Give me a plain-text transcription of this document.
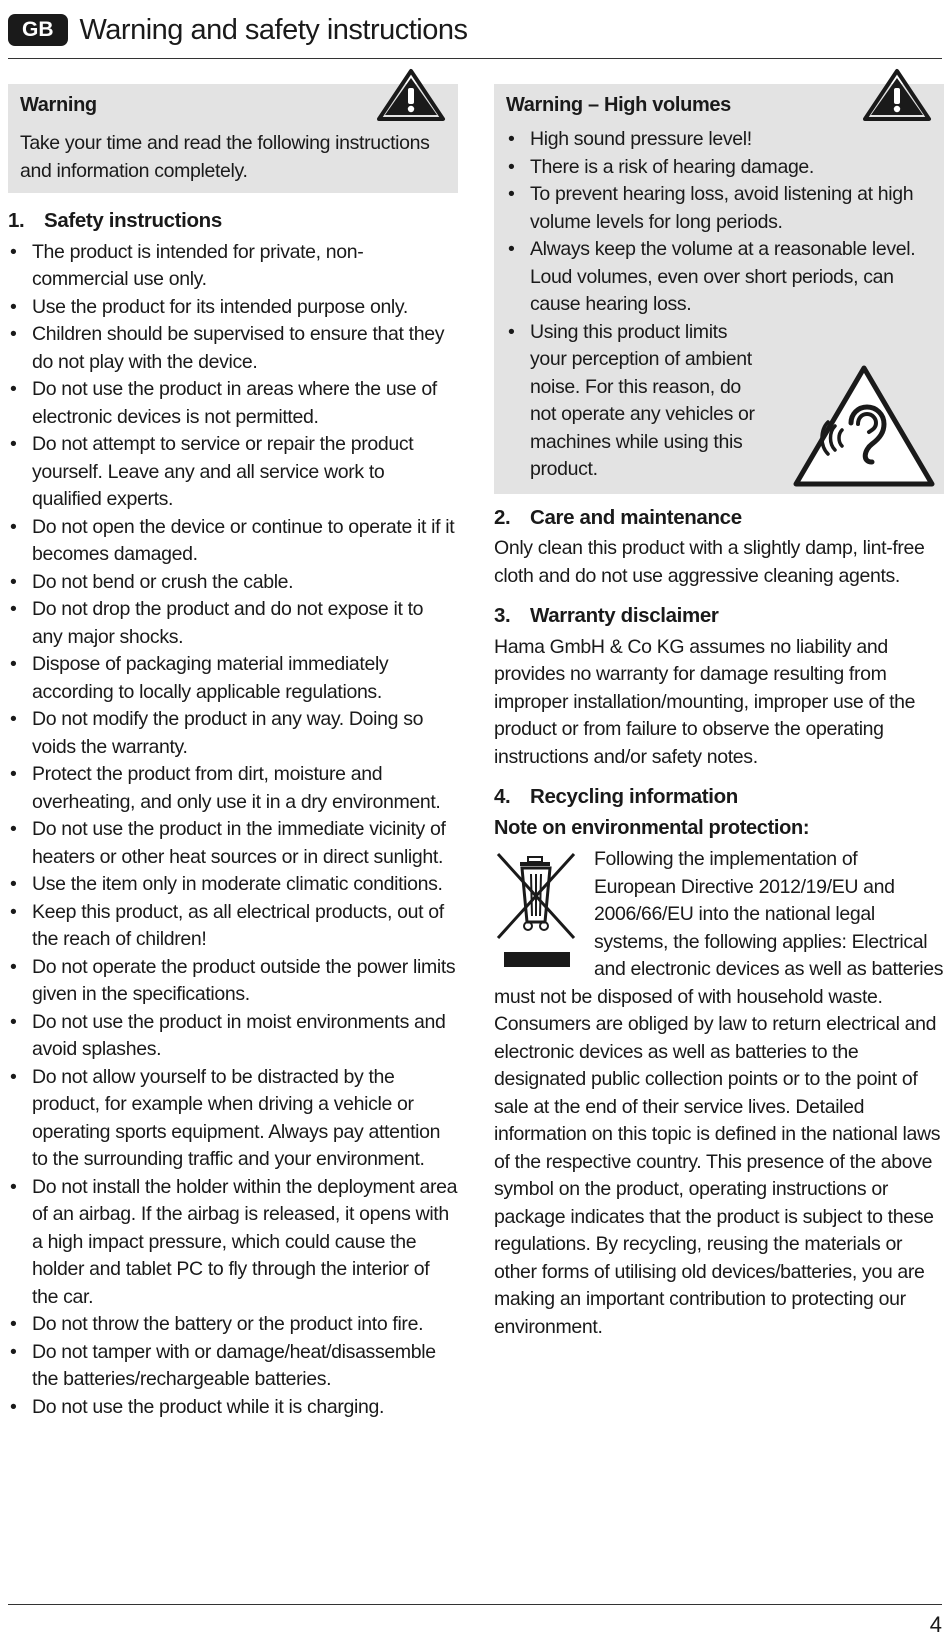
GB Warning and safety instructions
Warning

Take your time and read the following instructions and information completely.

1. Safety instructions
• The product is intended for private, non-commercial use only.
• Use the product for its intended purpose only.
• Children should be supervised to ensure that they do not play with the device.
• Do not use the product in areas where the use of electronic devices is not permitted.
• Do not attempt to service or repair the product yourself. Leave any and all service work to qualified experts.
• Do not open the device or continue to operate it if it becomes damaged.
• Do not bend or crush the cable.
• Do not drop the product and do not expose it to any major shocks.
• Dispose of packaging material immediately according to locally applicable regulations.
• Do not modify the product in any way. Doing so voids the warranty.
• Protect the product from dirt, moisture and overheating, and only use it in a dry environment.
• Do not use the product in the immediate vicinity of heaters or other heat sources or in direct sunlight.
• Use the item only in moderate climatic conditions.
• Keep this product, as all electrical products, out of the reach of children!
• Do not operate the product outside the power limits given in the specifications.
• Do not use the product in moist environments and avoid splashes.
• Do not allow yourself to be distracted by the product, for example when driving a vehicle or operating sports equipment. Always pay attention to the surrounding traffic and your environment.
• Do not install the holder within the deployment area of an airbag. If the airbag is released, it opens with a high impact pressure, which could cause the holder and tablet PC to fly through the interior of the car.
• Do not throw the battery or the product into fire.
• Do not tamper with or damage/heat/disassemble the batteries/rechargeable batteries.
• Do not use the product while it is charging.
Warning – High volumes
• High sound pressure level!
• There is a risk of hearing damage.
• To prevent hearing loss, avoid listening at high volume levels for long periods.
• Always keep the volume at a reasonable level. Loud volumes, even over short periods, can cause hearing loss.
• Using this product limits your perception of ambient noise. For this reason, do not operate any vehicles or machines while using this product.
2. Care and maintenance

Only clean this product with a slightly damp, lint-free cloth and do not use aggressive cleaning agents.

3. Warranty disclaimer

Hama GmbH & Co KG assumes no liability and provides no warranty for damage resulting from improper installation/mounting, improper use of the product or from failure to observe the operating instructions and/or safety notes.

4. Recycling information
Note on environmental protection:

Following the implementation of European Directive 2012/19/EU and 2006/66/EU into the national legal systems, the following applies: Electrical and electronic devices as well as batteries must not be disposed of with household waste. Consumers are obliged by law to return electrical and electronic devices as well as batteries to the designated public collection points or to the point of sale at the end of their service lives. Detailed information on this topic is defined in the national laws of the respective country. This presence of the above symbol on the product, operating instructions or package indicates that the product is subject to these regulations. By recycling, reusing the materials or other forms of utilising old devices/batteries, you are making an important contribution to protecting our environment.

4
